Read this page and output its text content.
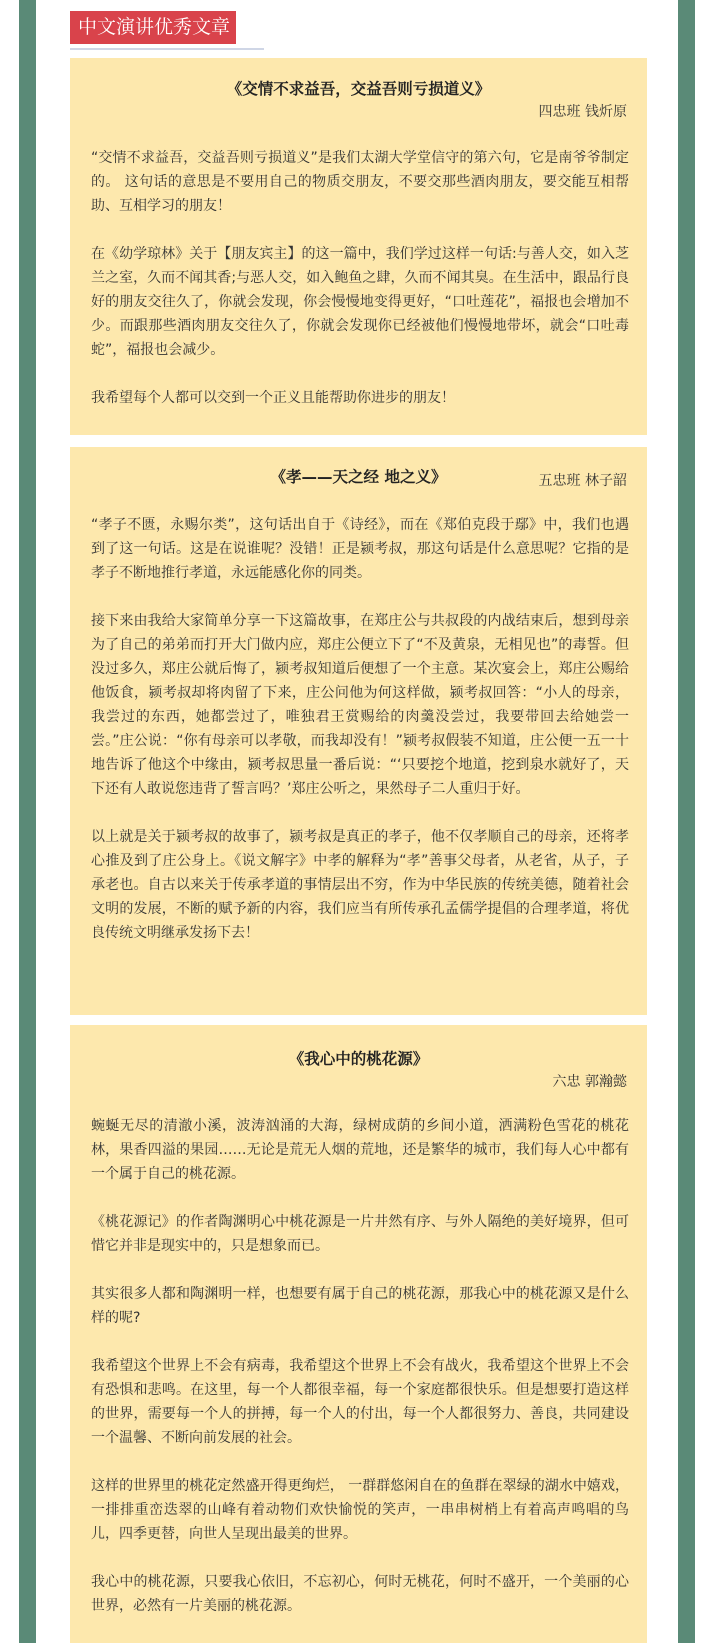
中文演讲优秀文章
《交情不求益吾，交益吾则亏损道义》
四忠班 钱炘原

“交情不求益吾，交益吾则亏损道义”是我们太湖大学堂信守的第六句，它是南爷爷制定的。 这句话的意思是不要用自己的物质交朋友，不要交那些酒肉朋友，要交能互相帮助、互相学习的朋友！

在《幼学琼林》关于【朋友宾主】的这一篇中，我们学过这样一句话:与善人交，如入芝兰之室，久而不闻其香;与恶人交，如入鲍鱼之肆，久而不闻其臭。在生活中，跟品行良好的朋友交往久了，你就会发现，你会慢慢地变得更好，“口吐莲花”，福报也会增加不少。而跟那些酒肉朋友交往久了，你就会发现你已经被他们慢慢地带坏，就会“口吐毒蛇”，福报也会减少。

我希望每个人都可以交到一个正义且能帮助你进步的朋友！

《孝——天之经 地之义》	五忠班 林子韶

“孝子不匮，永赐尔类”，这句话出自于《诗经》，而在《郑伯克段于鄢》中，我们也遇到了这一句话。这是在说谁呢？没错！正是颍考叔，那这句话是什么意思呢？它指的是孝子不断地推行孝道，永远能感化你的同类。

接下来由我给大家简单分享一下这篇故事，在郑庄公与共叔段的内战结束后，想到母亲为了自己的弟弟而打开大门做内应，郑庄公便立下了“不及黄泉，无相见也”的毒誓。但没过多久，郑庄公就后悔了，颍考叔知道后便想了一个主意。某次宴会上，郑庄公赐给他饭食，颍考叔却将肉留了下来，庄公问他为何这样做，颍考叔回答：“小人的母亲，我尝过的东西，她都尝过了，唯独君王赏赐给的肉羹没尝过，我要带回去给她尝一尝。”庄公说：“你有母亲可以孝敬，而我却没有！”颍考叔假装不知道，庄公便一五一十地告诉了他这个中缘由，颍考叔思量一番后说：“‘只要挖个地道，挖到泉水就好了，天下还有人敢说您违背了誓言吗？’郑庄公听之，果然母子二人重归于好。

以上就是关于颍考叔的故事了，颍考叔是真正的孝子，他不仅孝顺自己的母亲，还将孝心推及到了庄公身上。《说文解字》中孝的解释为“孝”善事父母者，从老省，从子，子承老也。自古以来关于传承孝道的事情层出不穷，作为中华民族的传统美德，随着社会文明的发展，不断的赋予新的内容，我们应当有所传承孔孟儒学提倡的合理孝道，将优良传统文明继承发扬下去！

《我心中的桃花源》
六忠 郭瀚懿

蜿蜒无尽的清澈小溪，波涛汹涌的大海，绿树成荫的乡间小道，洒满粉色雪花的桃花林，果香四溢的果园……无论是荒无人烟的荒地，还是繁华的城市，我们每人心中都有一个属于自己的桃花源。

《桃花源记》的作者陶渊明心中桃花源是一片井然有序、与外人隔绝的美好境界，但可惜它并非是现实中的，只是想象而已。

其实很多人都和陶渊明一样，也想要有属于自己的桃花源，那我心中的桃花源又是什么样的呢?

我希望这个世界上不会有病毒，我希望这个世界上不会有战火，我希望这个世界上不会有恐惧和悲鸣。在这里，每一个人都很幸福，每一个家庭都很快乐。但是想要打造这样的世界，需要每一个人的拼搏，每一个人的付出，每一个人都很努力、善良，共同建设一个温馨、不断向前发展的社会。

这样的世界里的桃花定然盛开得更绚烂， 一群群悠闲自在的鱼群在翠绿的湖水中嬉戏，一排排重峦迭翠的山峰有着动物们欢快愉悦的笑声，一串串树梢上有着高声鸣唱的鸟儿，四季更替，向世人呈现出最美的世界。

我心中的桃花源，只要我心依旧，不忘初心，何时无桃花，何时不盛开，一个美丽的心世界，必然有一片美丽的桃花源。
